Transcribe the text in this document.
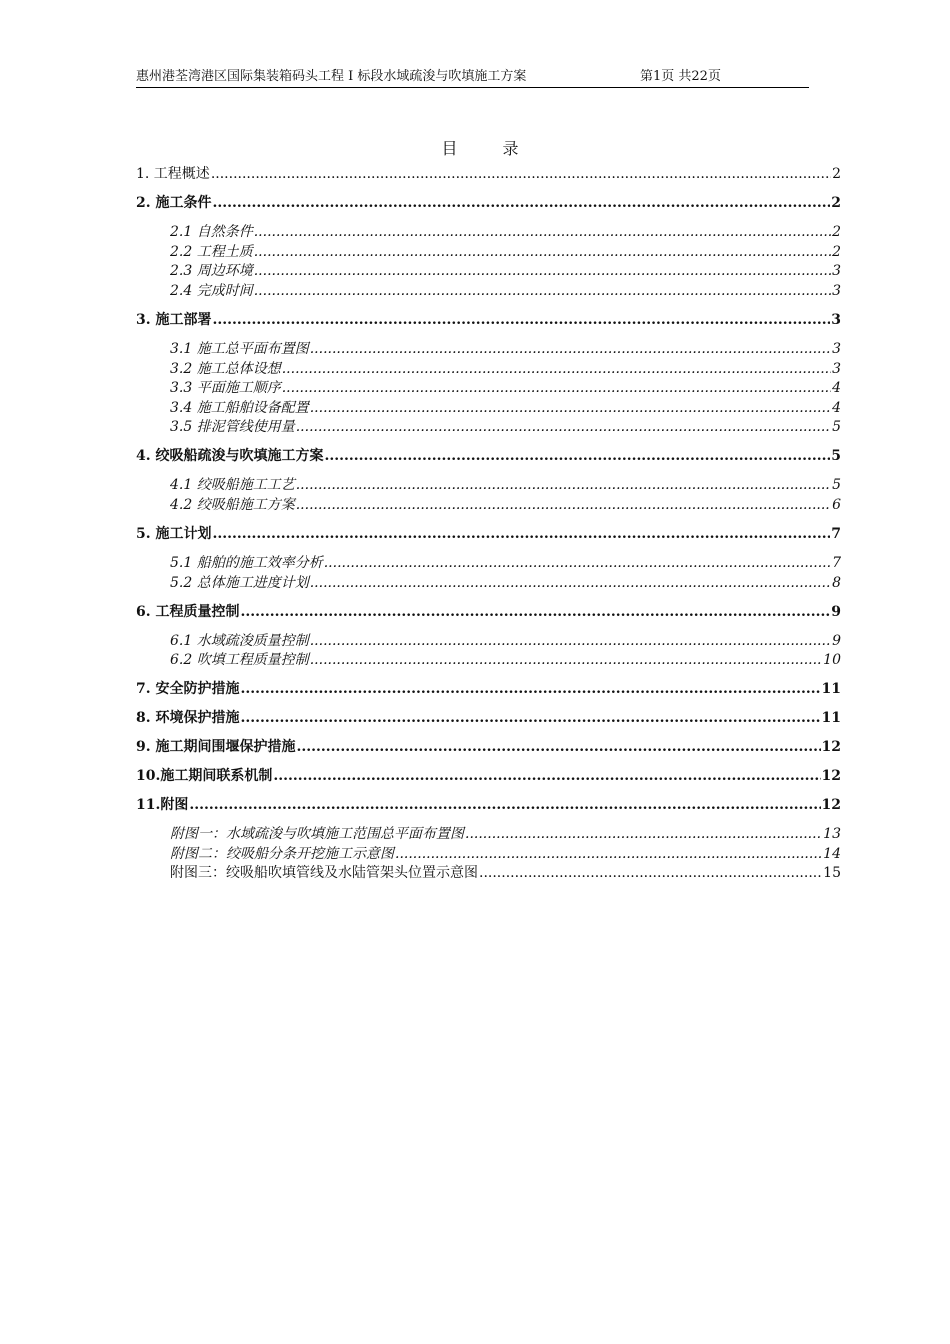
惠州港荃湾港区国际集装箱码头工程 I 标段水域疏浚与吹填施工方案	第1页 共22页
目 录
1. 工程概述 .....	2
2. 施工条件 .....	2
2.1 自然条件 .....	2
2.2 工程土质 .....	2
2.3 周边环境 .....	3
2.4 完成时间 .....	3
3. 施工部署 .....	3
3.1 施工总平面布置图 .....	3
3.2 施工总体设想 .....	3
3.3 平面施工顺序 .....	4
3.4 施工船舶设备配置 .....	4
3.5 排泥管线使用量 .....	5
4. 绞吸船疏浚与吹填施工方案 .....	5
4.1 绞吸船施工工艺 .....	5
4.2 绞吸船施工方案 .....	6
5. 施工计划 .....	7
5.1 船舶的施工效率分析 .....	7
5.2 总体施工进度计划 .....	8
6. 工程质量控制 .....	9
6.1 水域疏浚质量控制 .....	9
6.2 吹填工程质量控制 .....	10
7. 安全防护措施 .....	11
8. 环境保护措施 .....	11
9. 施工期间围堰保护措施 .....	12
10.施工期间联系机制 .....	12
11.附图 .....	12
附图一：水域疏浚与吹填施工范围总平面布置图 .....	13
附图二：绞吸船分条开挖施工示意图 .....	14
附图三：绞吸船吹填管线及水陆管架头位置示意图 .....	15
